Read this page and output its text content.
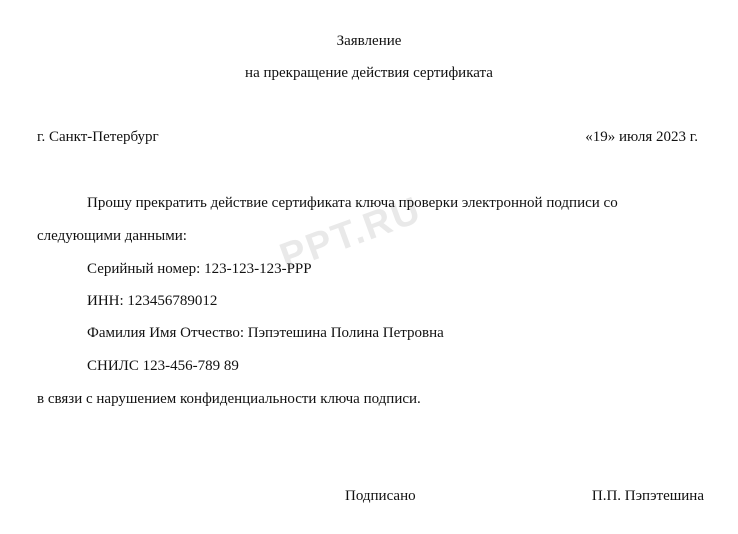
PPT.RU
Заявление
на прекращение действия сертификата
г. Санкт-Петербург	«19» июля 2023 г.
Прошу прекратить действие сертификата ключа проверки электронной подписи со
следующими данными:
Серийный номер: 123-123-123-PPP
ИНН: 123456789012
Фамилия Имя Отчество: Пэпэтешина Полина Петровна
СНИЛС 123-456-789 89
в связи с нарушением конфиденциальности ключа подписи.
Подписано	П.П. Пэпэтешина
